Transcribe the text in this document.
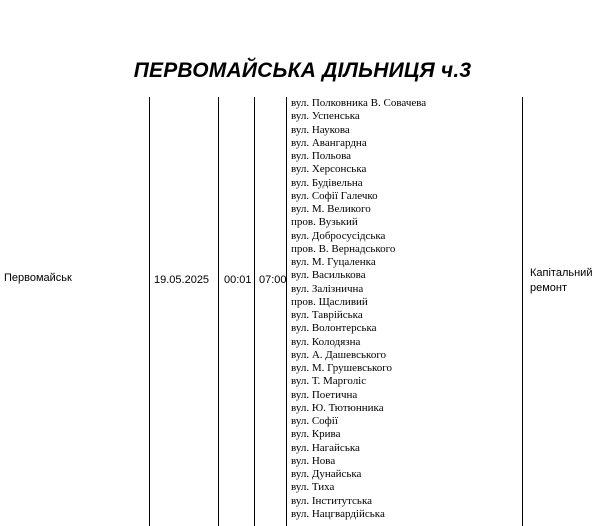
ПЕРВОМАЙСЬКА ДІЛЬНИЦЯ ч.3
Первомайськ	19.05.2025 00:01 07:00
вул. Полковника В. Совачева
вул. Успенська
вул. Наукова
вул. Авангардна
вул. Польова
вул. Херсонська
вул. Будівельна
вул. Софії Галечко
вул. М. Великого
пров. Вузький
вул. Добросусідська
пров. В. Вернадського
вул. М. Гуцаленка
вул. Васильковa
вул. Залізнична
пров. Щасливий
вул. Таврійська
вул. Волонтерська
вул. Колодязна
вул. А. Дашевського
вул. М. Грушевського
вул. Т. Марголіс
вул. Поетична
вул. Ю. Тютюнника
вул. Софії
вул. Крива
вул. Нагайська
вул. Нова
вул. Дунайська
вул. Тиха
вул. Інститутська
вул. Нацгвардійська
Капітальний ремонт
